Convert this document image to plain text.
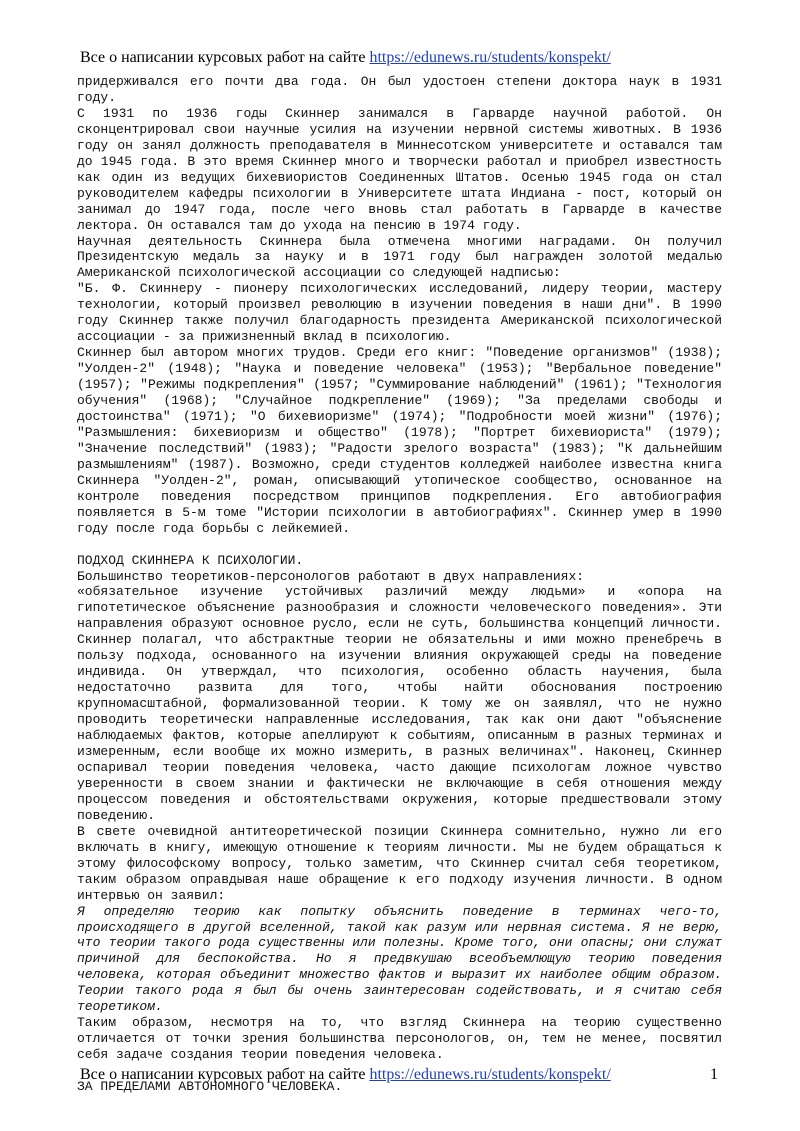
Все о написании курсовых работ на сайте https://edunews.ru/students/konspekt/

придерживался его почти два года. Он был удостоен степени доктора наук в 1931 году.

С 1931 по 1936 годы Скиннер занимался в Гарварде научной работой. Он сконцентрировал свои научные усилия на изучении нервной системы животных. В 1936 году он занял должность преподавателя в Миннесотском университете и оставался там до 1945 года. В это время Скиннер много и творчески работал и приобрел известность как один из ведущих бихевиористов Соединенных Штатов. Осенью 1945 года он стал руководителем кафедры психологии в Университете штата Индиана - пост, который он занимал до 1947 года, после чего вновь стал работать в Гарварде в качестве лектора. Он оставался там до ухода на пенсию в 1974 году.

Научная деятельность Скиннера была отмечена многими наградами. Он получил Президентскую медаль за науку и в 1971 году был награжден золотой медалью Американской психологической ассоциации со следующей надписью:

"Б. Ф. Скиннеру - пионеру психологических исследований, лидеру теории, мастеру технологии, который произвел революцию в изучении поведения в наши дни". В 1990 году Скиннер также получил благодарность президента Американской психологической ассоциации - за прижизненный вклад в психологию.

Скиннер был автором многих трудов. Среди его книг: "Поведение организмов" (1938); "Уолден-2" (1948); "Наука и поведение человека" (1953); "Вербальное поведение" (1957); "Режимы подкрепления" (1957; "Суммирование наблюдений" (1961); "Технология обучения" (1968); "Случайное подкрепление" (1969); "За пределами свободы и достоинства" (1971); "О бихевиоризме" (1974); "Подробности моей жизни" (1976); "Размышления: бихевиоризм и общество" (1978); "Портрет бихевиориста" (1979); "Значение последствий" (1983); "Радости зрелого возраста" (1983); "К дальнейшим размышлениям" (1987). Возможно, среди студентов колледжей наиболее известна книга Скиннера "Уолден-2", роман, описывающий утопическое сообщество, основанное на контроле поведения посредством принципов подкрепления. Его автобиография появляется в 5-м томе "Истории психологии в автобиографиях". Скиннер умер в 1990 году после года борьбы с лейкемией.

ПОДХОД СКИННЕРА К ПСИХОЛОГИИ.

Большинство теоретиков-персонологов работают в двух направлениях:

«обязательное изучение устойчивых различий между людьми» и «опора на гипотетическое объяснение разнообразия и сложности человеческого поведения». Эти направления образуют основное русло, если не суть, большинства концепций личности. Скиннер полагал, что абстрактные теории не обязательны и ими можно пренебречь в пользу подхода, основанного на изучении влияния окружающей среды на поведение индивида. Он утверждал, что психология, особенно область научения, была недостаточно развита для того, чтобы найти обоснования построению крупномасштабной, формализованной теории. К тому же он заявлял, что не нужно проводить теоретически направленные исследования, так как они дают "объяснение наблюдаемых фактов, которые апеллируют к событиям, описанным в разных терминах и измеренным, если вообще их можно измерить, в разных величинах". Наконец, Скиннер оспаривал теории поведения человека, часто дающие психологам ложное чувство уверенности в своем знании и фактически не включающие в себя отношения между процессом поведения и обстоятельствами окружения, которые предшествовали этому поведению.

В свете очевидной антитеоретической позиции Скиннера сомнительно, нужно ли его включать в книгу, имеющую отношение к теориям личности. Мы не будем обращаться к этому философскому вопросу, только заметим, что Скиннер считал себя теоретиком, таким образом оправдывая наше обращение к его подходу изучения личности. В одном интервью он заявил:

Я определяю теорию как попытку объяснить поведение в терминах чего-то, происходящего в другой вселенной, такой как разум или нервная система. Я не верю, что теории такого рода существенны или полезны. Кроме того, они опасны; они служат причиной для беспокойства. Но я предвкушаю всеобъемлющую теорию поведения человека, которая объединит множество фактов и выразит их наиболее общим образом. Теории такого рода я был бы очень заинтересован содействовать, и я считаю себя теоретиком.

Таким образом, несмотря на то, что взгляд Скиннера на теорию существенно отличается от точки зрения большинства персонологов, он, тем не менее, посвятил себя задаче создания теории поведения человека.

ЗА ПРЕДЕЛАМИ АВТОНОМНОГО ЧЕЛОВЕКА.

Все о написании курсовых работ на сайте https://edunews.ru/students/konspekt/	1
